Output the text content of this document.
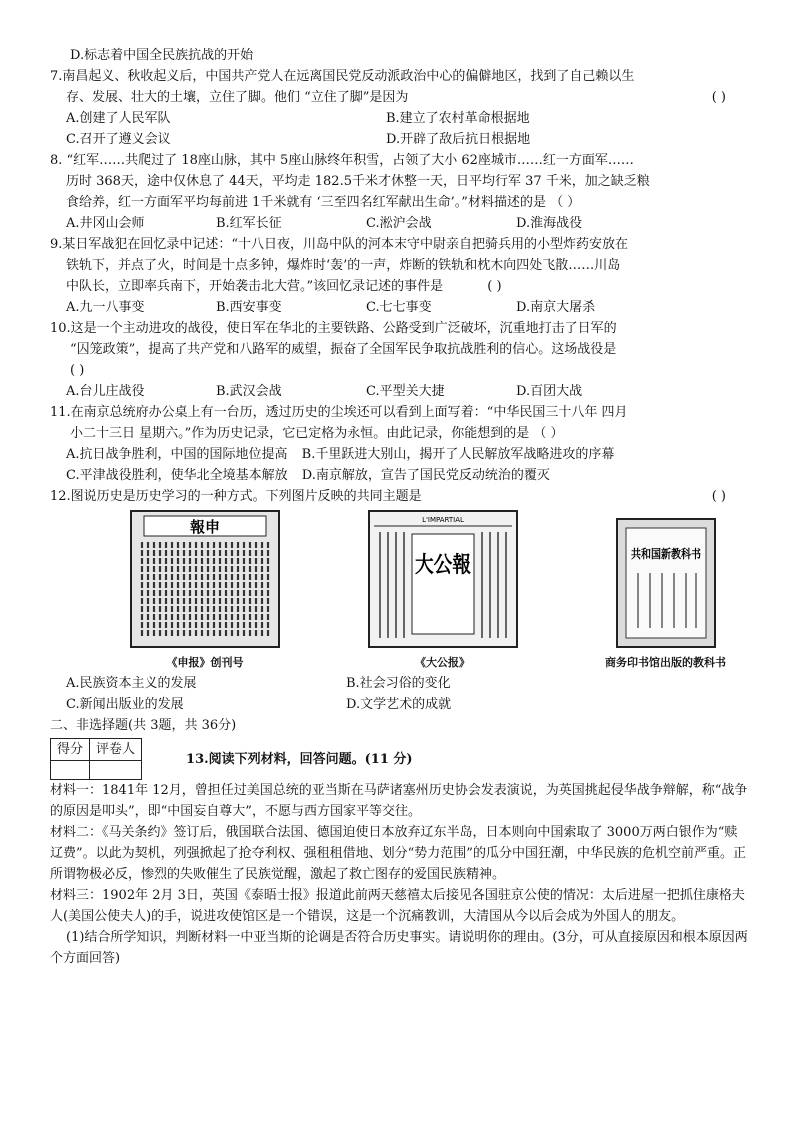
D.标志着中国全民族抗战的开始
7.南昌起义、秋收起义后，中国共产党人在远离国民党反动派政治中心的偏僻地区，找到了自己赖以生
存、发展、壮大的土壤，立住了脚。他们 “立住了脚”是因为	( )
A.创建了人民军队	B.建立了农村革命根据地
C.召开了遵义会议	D.开辟了敌后抗日根据地
8. “红军……共爬过了 18座山脉，其中 5座山脉终年积雪，占领了大小 62座城市……红一方面军……
历时 368天，途中仅休息了 44天，平均走 182.5千米才休整一天，日平均行军 37 千米，加之缺乏粮
食给养，红一方面军平均每前进 1千米就有 ‘三至四名红军献出生命’。”材料描述的是 （ ）
A.井冈山会师	B.红军长征	C.淞沪会战	D.淮海战役
9.某日军战犯在回忆录中记述：“十八日夜，川岛中队的河本末守中尉亲自把骑兵用的小型炸药安放在
铁轨下，并点了火，时间是十点多钟，爆炸时‘轰’的一声，炸断的铁轨和枕木向四处飞散……川岛
中队长，立即率兵南下，开始袭击北大营。”该回忆录记述的事件是	( )
A.九一八事变	B.西安事变	C.七七事变	D.南京大屠杀
10.这是一个主动进攻的战役，使日军在华北的主要铁路、公路受到广泛破坏，沉重地打击了日军的
“囚笼政策”，提高了共产党和八路军的威望，振奋了全国军民争取抗战胜利的信心。这场战役是
( )
A.台儿庄战役	B.武汉会战	C.平型关大捷	D.百团大战
11.在南京总统府办公桌上有一台历，透过历史的尘埃还可以看到上面写着：“中华民国三十八年 四月
小二十三日 星期六。”作为历史记录，它已定格为永恒。由此记录，你能想到的是 （ ）
A.抗日战争胜利，中国的国际地位提高 B.千里跃进大别山，揭开了人民解放军战略进攻的序幕
C.平津战役胜利，使华北全境基本解放 D.南京解放，宣告了国民党反动统治的覆灭
12.图说历史是历史学习的一种方式。下列图片反映的共同主题是	( )
報申
《申报》创刊号
L'IMPARTIAL
大公報
《大公报》
共和国新教科书
商务印书馆出版的教科书
A.民族资本主义的发展	B.社会习俗的变化
C.新闻出版业的发展	D.文学艺术的成就
二、非选择题(共 3题，共 36分)
得分	评卷人

13.阅读下列材料，回答问题。(11 分)
材料一：1841年 12月，曾担任过美国总统的亚当斯在马萨诸塞州历史协会发表演说，为英国挑起侵华战争辩解，称“战争的原因是叩头”，即“中国妄自尊大”，不愿与西方国家平等交往。
材料二：《马关条约》签订后，俄国联合法国、德国迫使日本放弃辽东半岛，日本则向中国索取了 3000万两白银作为“赎辽费”。以此为契机，列强掀起了抢夺利权、强租租借地、划分“势力范围”的瓜分中国狂潮，中华民族的危机空前严重。正所谓物极必反，惨烈的失败催生了民族觉醒，激起了救亡图存的爱国民族精神。
材料三：1902年 2月 3日，英国《泰晤士报》报道此前两天慈禧太后接见各国驻京公使的情况：太后进屋一把抓住康格夫人(美国公使夫人)的手，说进攻使馆区是一个错误，这是一个沉痛教训，大清国从今以后会成为外国人的朋友。
(1)结合所学知识，判断材料一中亚当斯的论调是否符合历史事实。请说明你的理由。(3分，可从直接原因和根本原因两个方面回答)
